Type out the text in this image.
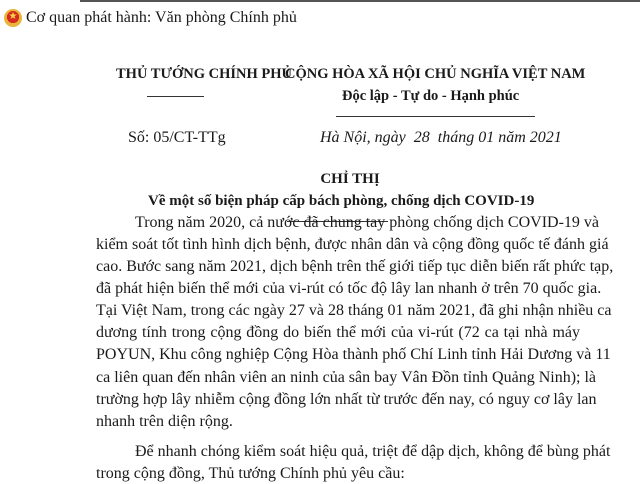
★
Cơ quan phát hành: Văn phòng Chính phủ
THỦ TƯỚNG CHÍNH PHỦ
CỘNG HÒA XÃ HỘI CHỦ NGHĨA VIỆT NAM
Độc lập - Tự do - Hạnh phúc
Số: 05/CT-TTg	Hà Nội, ngày  28  tháng 01 năm 2021
CHỈ THỊ
Về một số biện pháp cấp bách phòng, chống dịch COVID-19
Trong năm 2020, cả nước đã chung tay phòng chống dịch COVID-19 và
kiểm soát tốt tình hình dịch bệnh, được nhân dân và cộng đồng quốc tế đánh giá
cao. Bước sang năm 2021, dịch bệnh trên thế giới tiếp tục diễn biến rất phức tạp,
đã phát hiện biến thể mới của vi-rút có tốc độ lây lan nhanh ở trên 70 quốc gia.
Tại Việt Nam, trong các ngày 27 và 28 tháng 01 năm 2021, đã ghi nhận nhiều ca
dương tính trong cộng đồng do biến thể mới của vi-rút (72 ca tại nhà máy
POYUN, Khu công nghiệp Cộng Hòa thành phố Chí Linh tỉnh Hải Dương và 11
ca liên quan đến nhân viên an ninh của sân bay Vân Đồn tỉnh Quảng Ninh); là
trường hợp lây nhiễm cộng đồng lớn nhất từ trước đến nay, có nguy cơ lây lan
nhanh trên diện rộng.
Để nhanh chóng kiểm soát hiệu quả, triệt để dập dịch, không để bùng phát
trong cộng đồng, Thủ tướng Chính phủ yêu cầu:
